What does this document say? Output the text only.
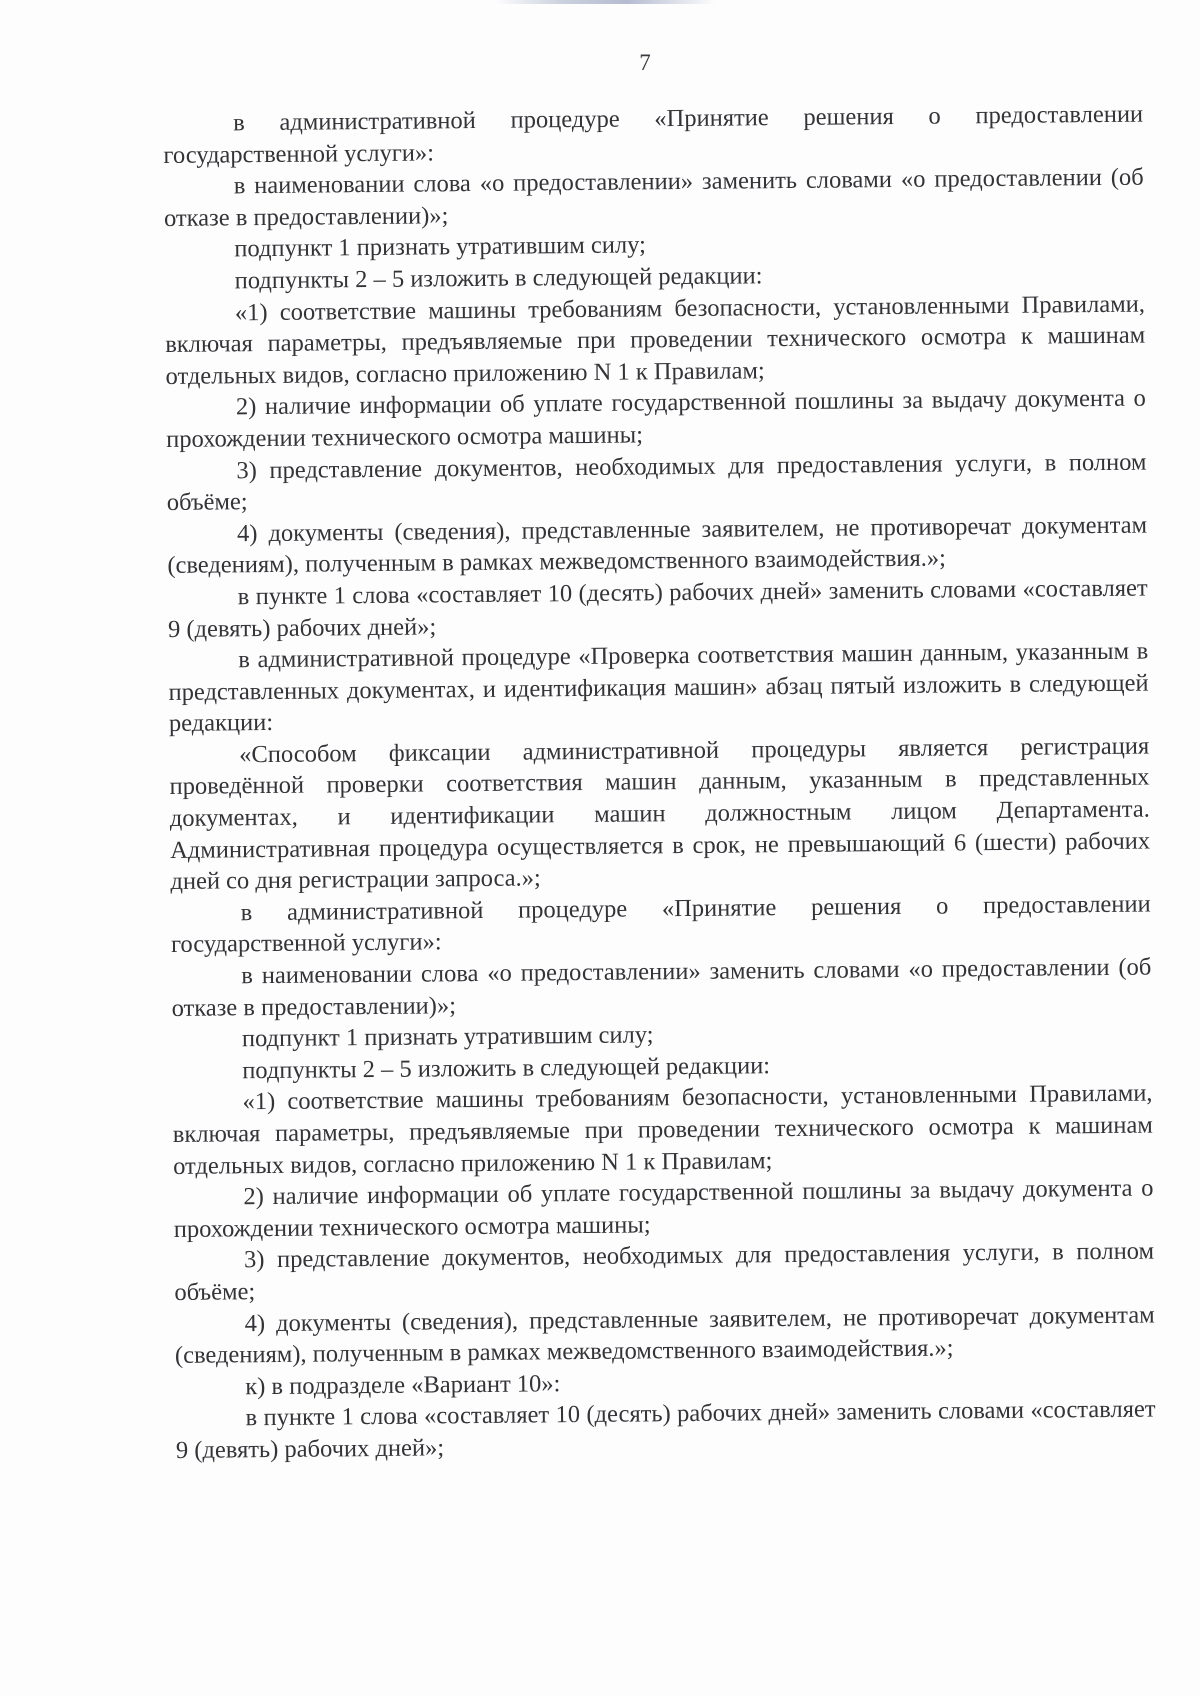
7

в административной процедуре «Принятие решения о предоставлении государственной услуги»:

в наименовании слова «о предоставлении» заменить словами «о предоставлении (об отказе в предоставлении)»;

подпункт 1 признать утратившим силу;

подпункты 2 – 5 изложить в следующей редакции:

«1) соответствие машины требованиям безопасности, установленными Правилами, включая параметры, предъявляемые при проведении технического осмотра к машинам отдельных видов, согласно приложению N 1 к Правилам;

2) наличие информации об уплате государственной пошлины за выдачу документа о прохождении технического осмотра машины;

3) представление документов, необходимых для предоставления услуги, в полном объёме;

4) документы (сведения), представленные заявителем, не противоречат документам (сведениям), полученным в рамках межведомственного взаимодействия.»;

в пункте 1 слова «составляет 10 (десять) рабочих дней» заменить словами «составляет 9 (девять) рабочих дней»;

в административной процедуре «Проверка соответствия машин данным, указанным в представленных документах, и идентификация машин» абзац пятый изложить в следующей редакции:

«Способом фиксации административной процедуры является регистрация проведённой проверки соответствия машин данным, указанным в представленных документах, и идентификации машин должностным лицом Департамента. Административная процедура осуществляется в срок, не превышающий 6 (шести) рабочих дней со дня регистрации запроса.»;

в административной процедуре «Принятие решения о предоставлении государственной услуги»:

в наименовании слова «о предоставлении» заменить словами «о предоставлении (об отказе в предоставлении)»;

подпункт 1 признать утратившим силу;

подпункты 2 – 5 изложить в следующей редакции:

«1) соответствие машины требованиям безопасности, установленными Правилами, включая параметры, предъявляемые при проведении технического осмотра к машинам отдельных видов, согласно приложению N 1 к Правилам;

2) наличие информации об уплате государственной пошлины за выдачу документа о прохождении технического осмотра машины;

3) представление документов, необходимых для предоставления услуги, в полном объёме;

4) документы (сведения), представленные заявителем, не противоречат документам (сведениям), полученным в рамках межведомственного взаимодействия.»;

к) в подразделе «Вариант 10»:

в пункте 1 слова «составляет 10 (десять) рабочих дней» заменить словами «составляет 9 (девять) рабочих дней»;
